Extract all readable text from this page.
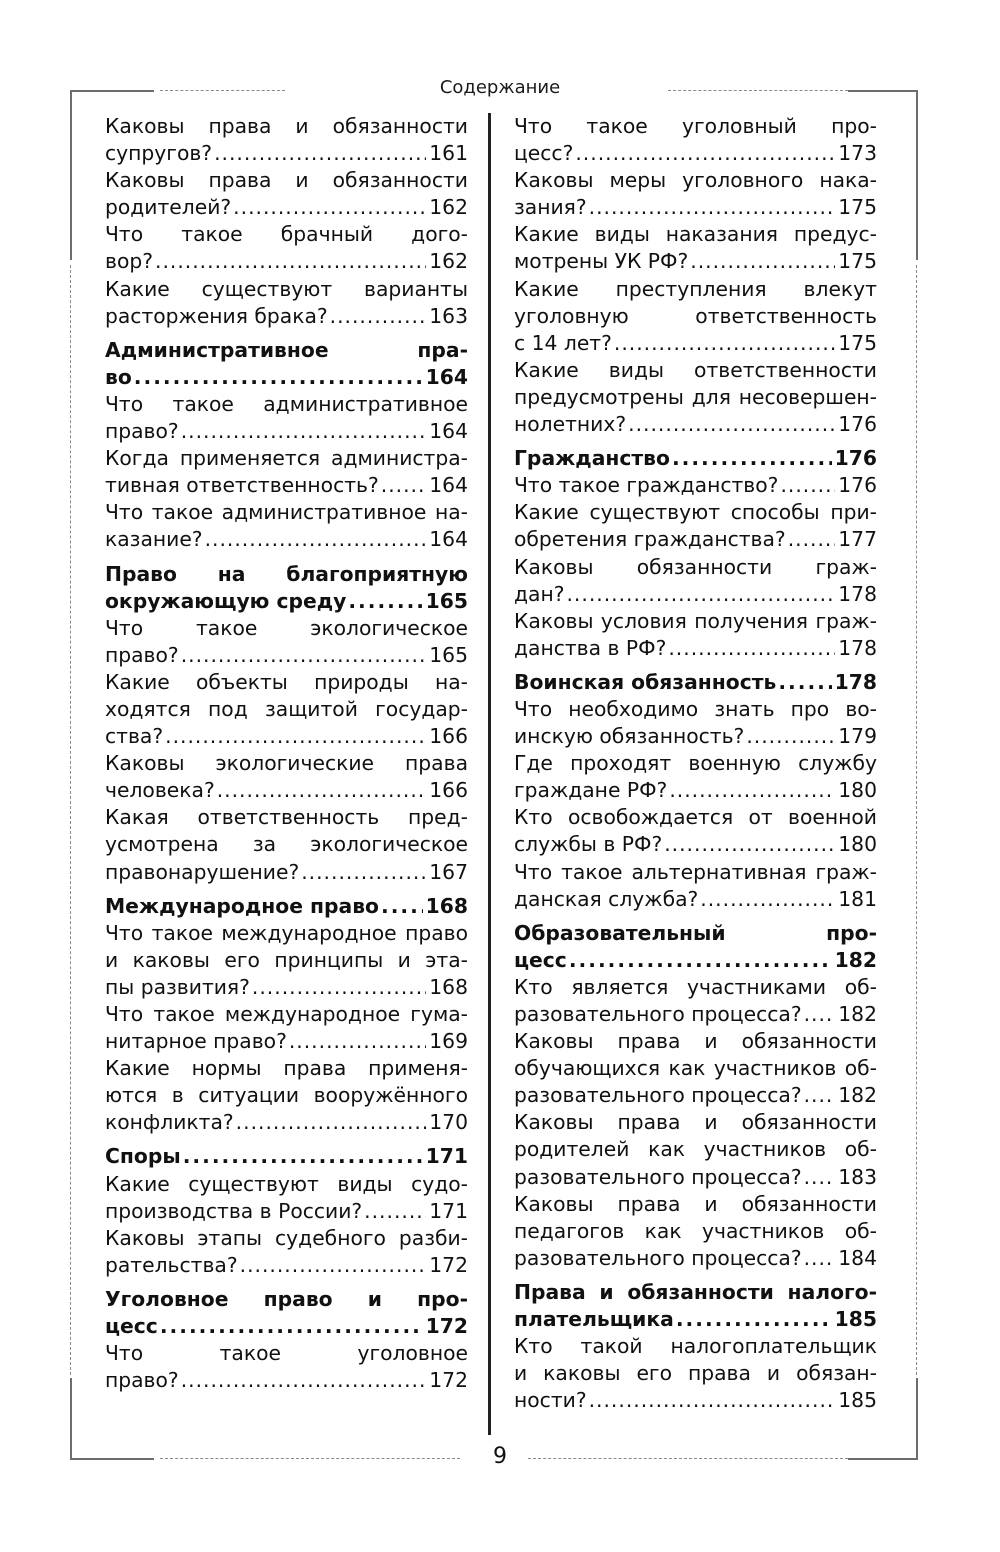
Содержание
Каковы права и обязанности
супругов? .....	161
Каковы права и обязанности
родителей? .....	162
Что такое брачный дого-
вор? .....	162
Какие существуют варианты
расторжения брака? .....	163
Административное пра-
во .....	164
Что такое административное
право? .....	164
Когда применяется администра-
тивная ответственность? ..... 164
Что такое административное на-
казание? .....	164
Право на благоприятную
окружающую среду .....	165
Что такое экологическое
право? .....	165
Какие объекты природы на-
ходятся под защитой государ-
ства? .....	166
Каковы экологические права
человека? .....	166
Какая ответственность пред-
усмотрена за экологическое
правонарушение? .....	167
Международное право ..... 168
Что такое международное право
и каковы его принципы и эта-
пы развития? .....	168
Что такое международное гума-
нитарное право? .....	169
Какие нормы права применя-
ются в ситуации вооружённого
конфликта? .....	170
Споры .....	171
Какие существуют виды судо-
производства в России? .....	171
Каковы этапы судебного разби-
рательства? .....	172
Уголовное право и про-
цесс .....	172
Что такое уголовное
право? .....	172
Что такое уголовный про-
цесс? .....	173
Каковы меры уголовного нака-
зания? .....	175
Какие виды наказания предус-
мотрены УК РФ? .....	175
Какие преступления влекут
уголовную ответственность
с 14 лет? .....	175
Какие виды ответственности
предусмотрены для несовершен-
нолетних? .....	176
Гражданство .....	176
Что такое гражданство? .....	176
Какие существуют способы при-
обретения гражданства? .....	177
Каковы обязанности граж-
дан? .....	178
Каковы условия получения граж-
данства в РФ? .....	178
Воинская обязанность .....	178
Что необходимо знать про во-
инскую обязанность? .....	179
Где проходят военную службу
граждане РФ? .....	180
Кто освобождается от военной
службы в РФ? .....	180
Что такое альтернативная граж-
данская служба? .....	181
Образовательный про-
цесс .....	182
Кто является участниками об-
разовательного процесса? ..... 182
Каковы права и обязанности
обучающихся как участников об-
разовательного процесса? ..... 182
Каковы права и обязанности
родителей как участников об-
разовательного процесса? ..... 183
Каковы права и обязанности
педагогов как участников об-
разовательного процесса? ..... 184
Права и обязанности налого-
плательщика .....	185
Кто такой налогоплательщик
и каковы его права и обязан-
ности? .....	185
9
